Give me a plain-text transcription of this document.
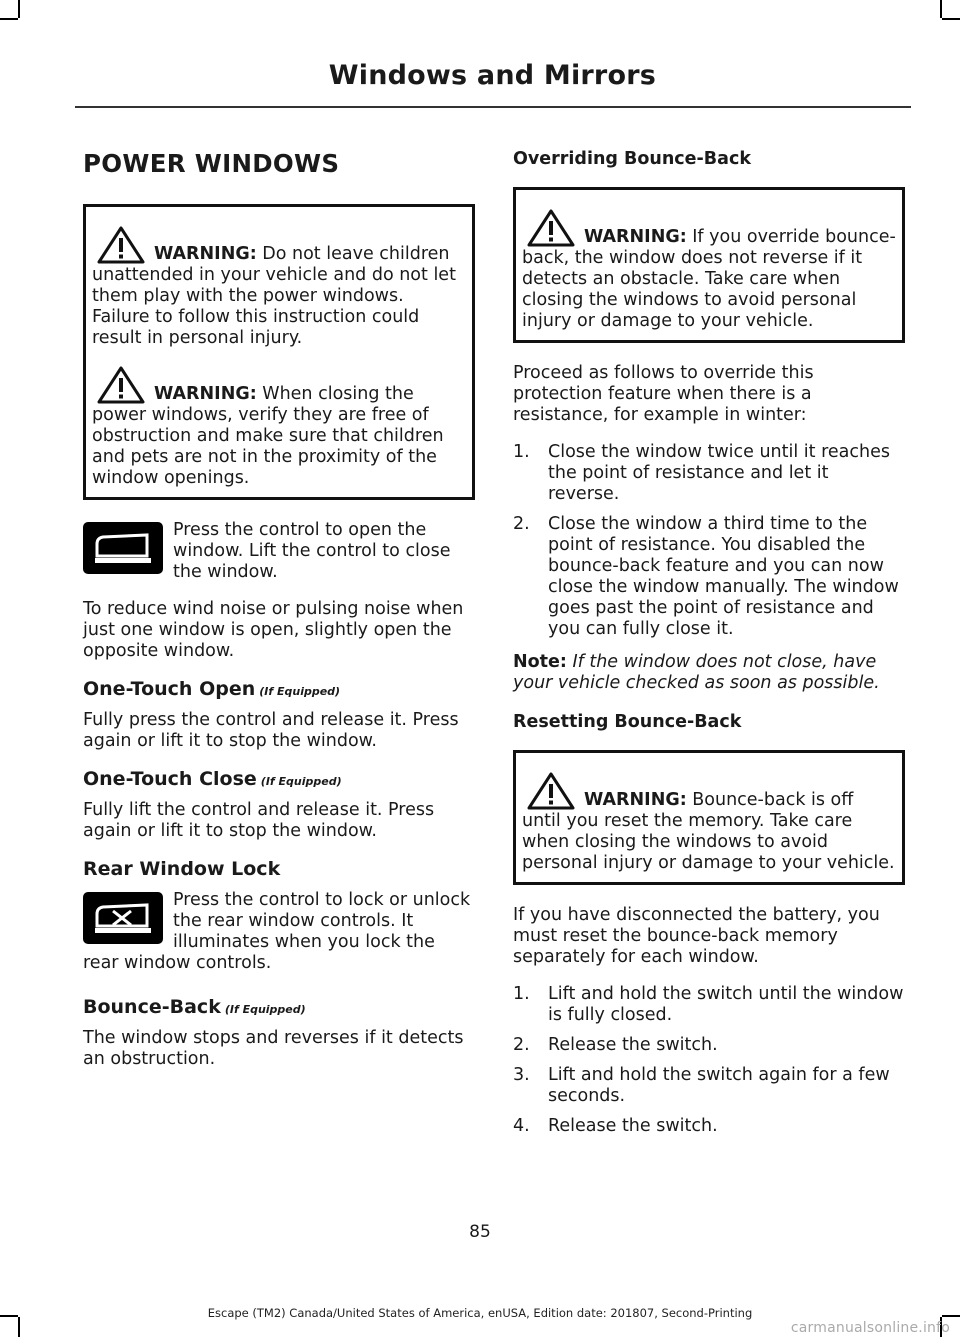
Windows and Mirrors
POWER WINDOWS
WARNING: Do not leave children unattended in your vehicle and do not let them play with the power windows. Failure to follow this instruction could result in personal injury.
WARNING: When closing the power windows, verify they are free of obstruction and make sure that children and pets are not in the proximity of the window openings.

Press the control to open the window. Lift the control to close the window.

To reduce wind noise or pulsing noise when just one window is open, slightly open the opposite window.

One-Touch Open (If Equipped)

Fully press the control and release it. Press again or lift it to stop the window.

One-Touch Close (If Equipped)

Fully lift the control and release it. Press again or lift it to stop the window.

Rear Window Lock

Press the control to lock or unlock the rear window controls. It illuminates when you lock the rear window controls.

Bounce-Back (If Equipped)

The window stops and reverses if it detects an obstruction.

Overriding Bounce-Back
WARNING: If you override bounce-back, the window does not reverse if it detects an obstacle. Take care when closing the windows to avoid personal injury or damage to your vehicle.

Proceed as follows to override this protection feature when there is a resistance, for example in winter:

1. Close the window twice until it reaches the point of resistance and let it reverse.
2. Close the window a third time to the point of resistance. You disabled the bounce-back feature and you can now close the window manually. The window goes past the point of resistance and you can fully close it.

Note: If the window does not close, have your vehicle checked as soon as possible.

Resetting Bounce-Back
WARNING: Bounce-back is off until you reset the memory. Take care when closing the windows to avoid personal injury or damage to your vehicle.

If you have disconnected the battery, you must reset the bounce-back memory separately for each window.

1. Lift and hold the switch until the window is fully closed.
2. Release the switch.
3. Lift and hold the switch again for a few seconds.
4. Release the switch.
85
Escape (TM2) Canada/United States of America, enUSA, Edition date: 201807, Second-Printing
carmanualsonline.info
